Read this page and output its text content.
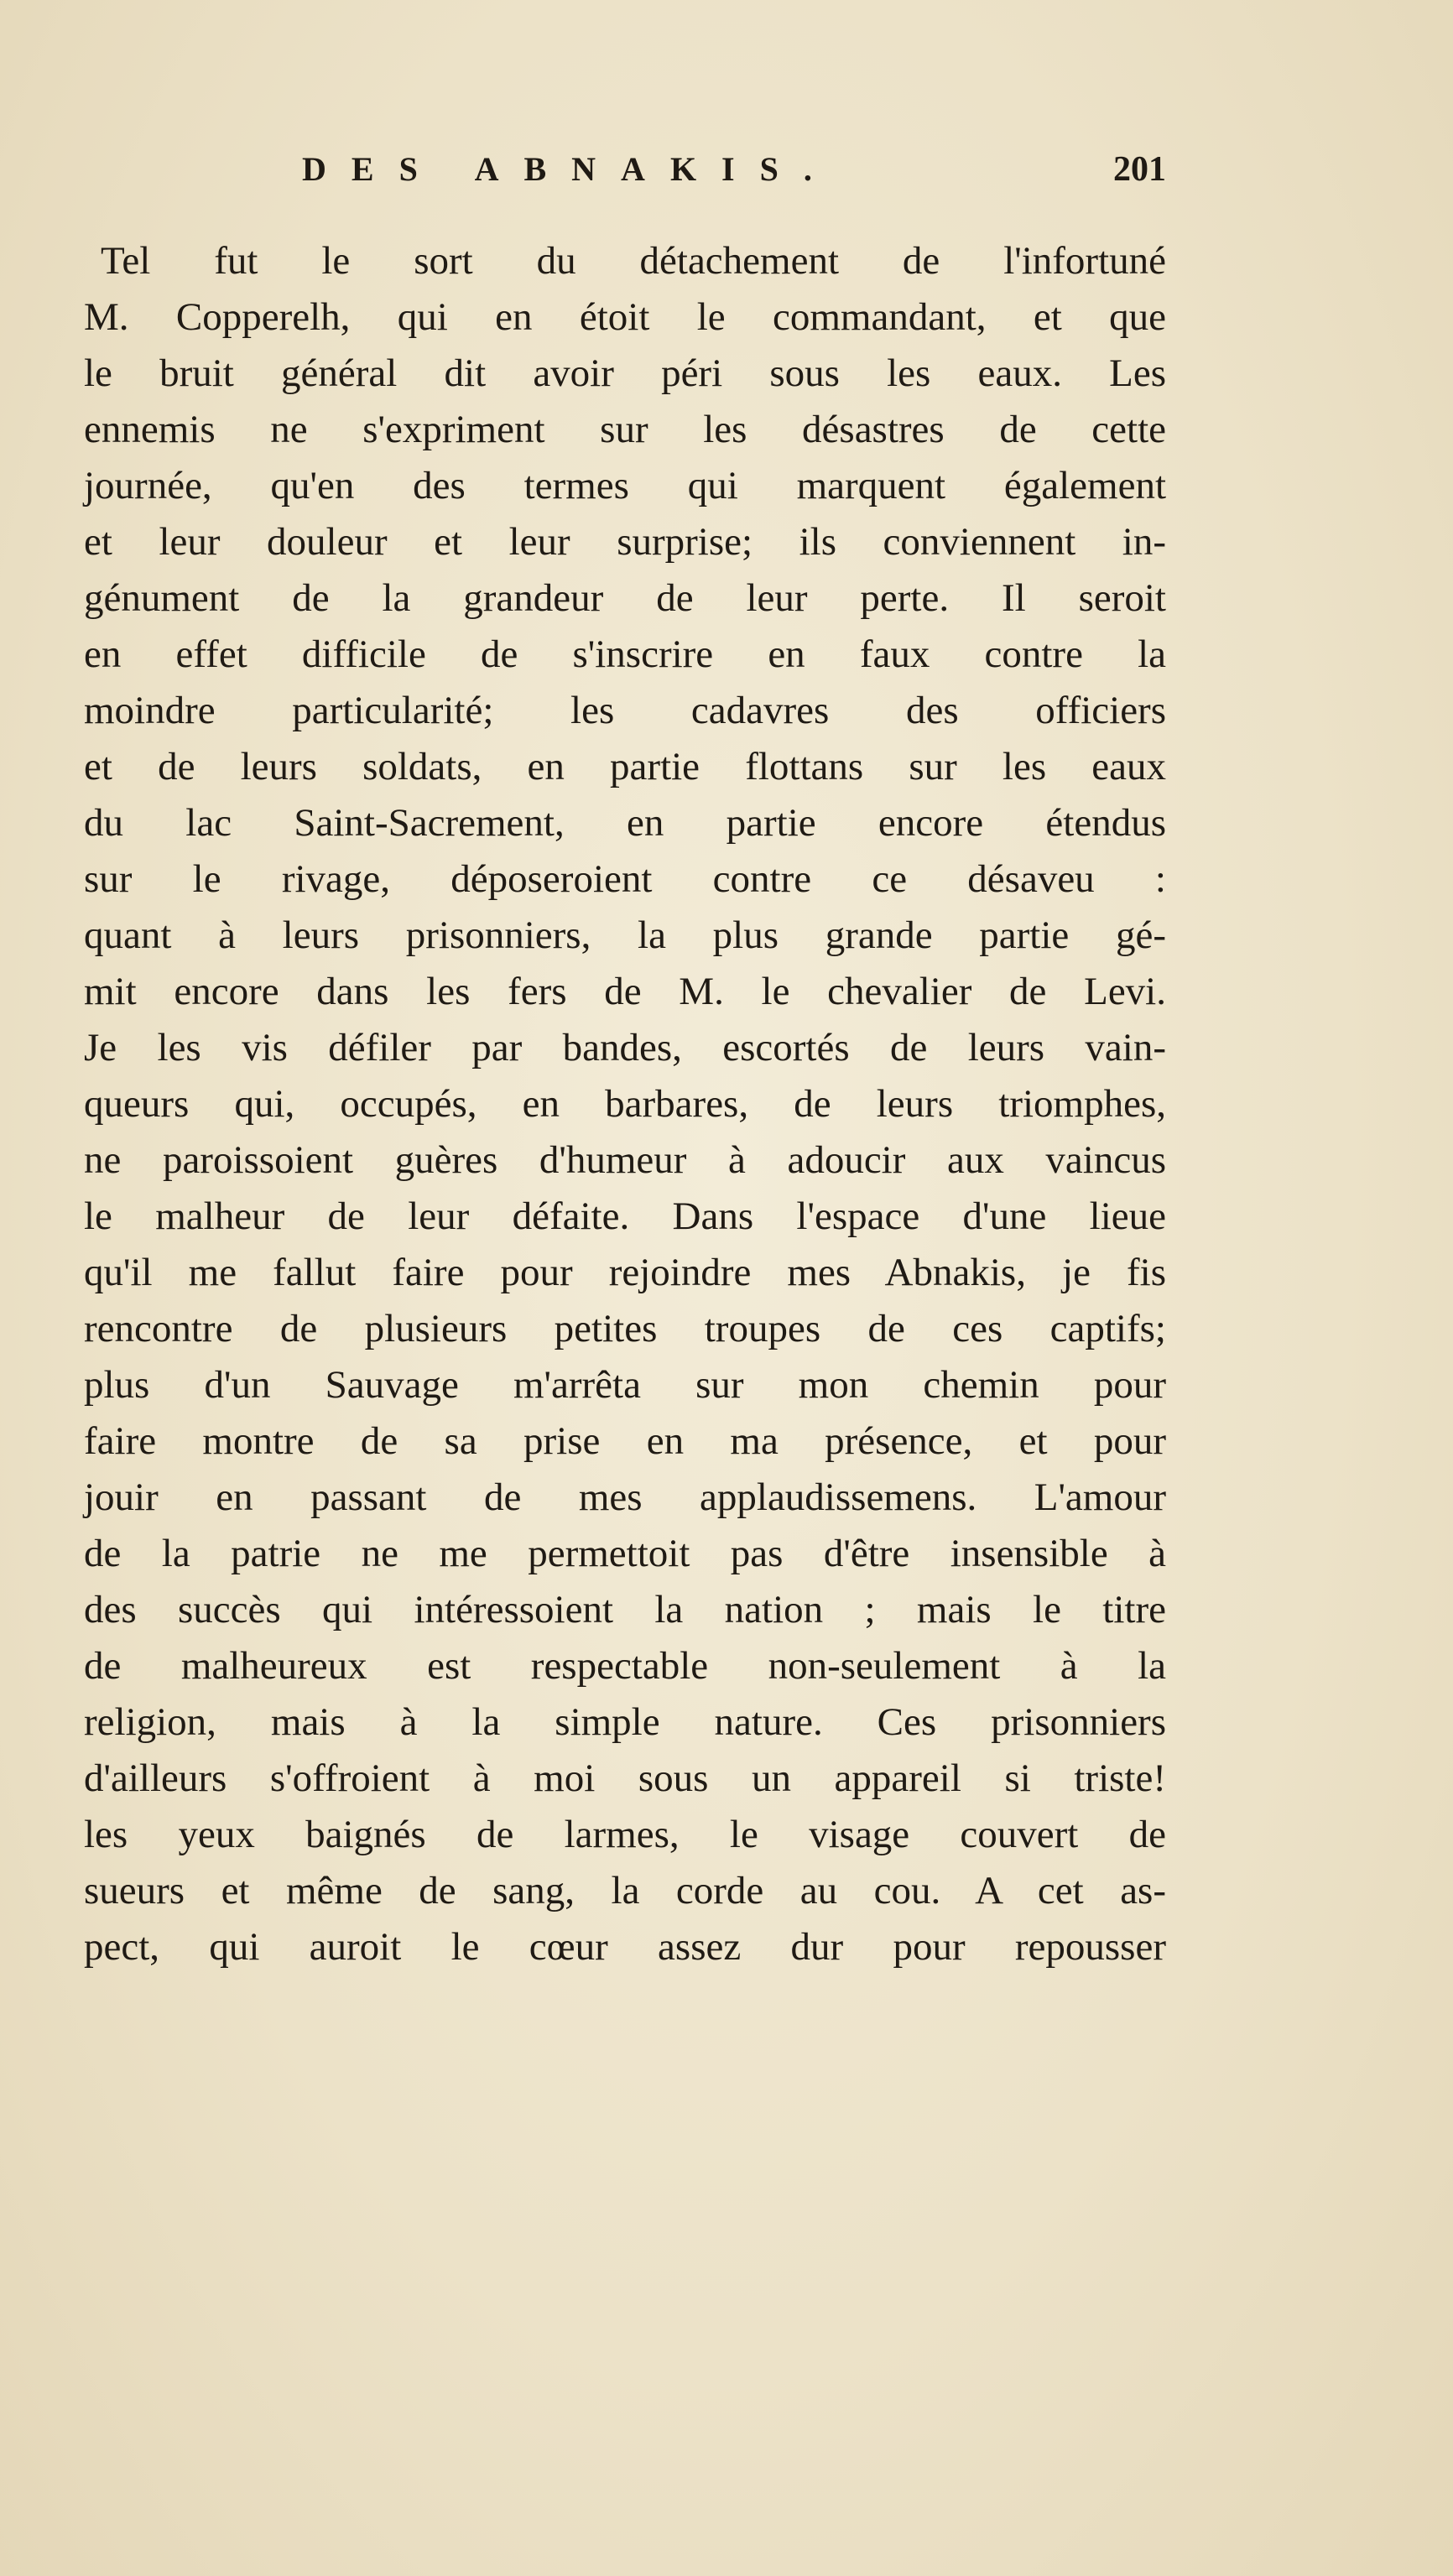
DES ABNAKIS.	201
Tel fut le sort du détachement de l'infortuné
M. Copperelh, qui en étoit le commandant, et que
le bruit général dit avoir péri sous les eaux. Les
ennemis ne s'expriment sur les désastres de cette
journée, qu'en des termes qui marquent également
et leur douleur et leur surprise; ils conviennent in-
génument de la grandeur de leur perte. Il seroit
en effet difficile de s'inscrire en faux contre la
moindre particularité; les cadavres des officiers
et de leurs soldats, en partie flottans sur les eaux
du lac Saint-Sacrement, en partie encore étendus
sur le rivage, déposeroient contre ce désaveu :
quant à leurs prisonniers, la plus grande partie gé-
mit encore dans les fers de M. le chevalier de Levi.
Je les vis défiler par bandes, escortés de leurs vain-
queurs qui, occupés, en barbares, de leurs triomphes,
ne paroissoient guères d'humeur à adoucir aux vaincus
le malheur de leur défaite. Dans l'espace d'une lieue
qu'il me fallut faire pour rejoindre mes Abnakis, je fis
rencontre de plusieurs petites troupes de ces captifs;
plus d'un Sauvage m'arrêta sur mon chemin pour
faire montre de sa prise en ma présence, et pour
jouir en passant de mes applaudissemens. L'amour
de la patrie ne me permettoit pas d'être insensible à
des succès qui intéressoient la nation ; mais le titre
de malheureux est respectable non-seulement à la
religion, mais à la simple nature. Ces prisonniers
d'ailleurs s'offroient à moi sous un appareil si triste!
les yeux baignés de larmes, le visage couvert de
sueurs et même de sang, la corde au cou. A cet as-
pect, qui auroit le cœur assez dur pour repousser
